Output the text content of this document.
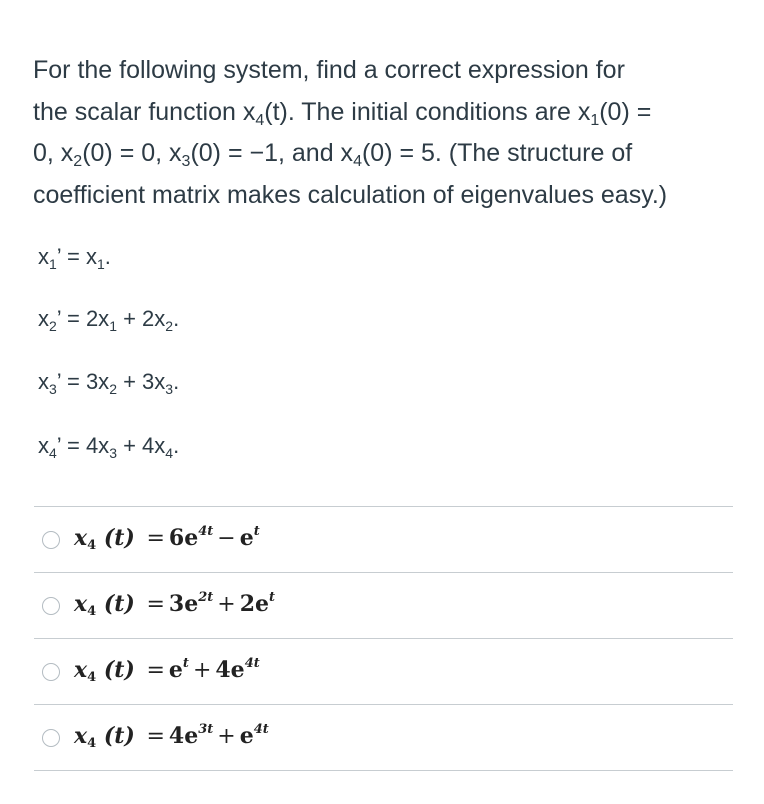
For the following system, find a correct expression for
the scalar function $x_4(t)$. The initial conditions are $x_1(0)$ =
0, $x_2(0) = 0$, $x_3(0) = -1$, and $x_4(0) = 5$. (The structure of
coefficient matrix makes calculation of eigenvalues easy.)
$x_1$’ = $x_1$.
$x_2$’ = $2x_1 + 2x_2$.
$x_3$’ = $3x_2 + 3x_3$.
$x_4$’ = $4x_3 + 4x_4$.
$x_4$ $(t) = 6e^{4t} - e^t$
$x_4$ $(t) = 3e^{2t} + 2e^t$
$x_4$ $(t) = e^t + 4e^{4t}$
$x_4$ $(t) = 4e^{3t} + e^{4t}$
